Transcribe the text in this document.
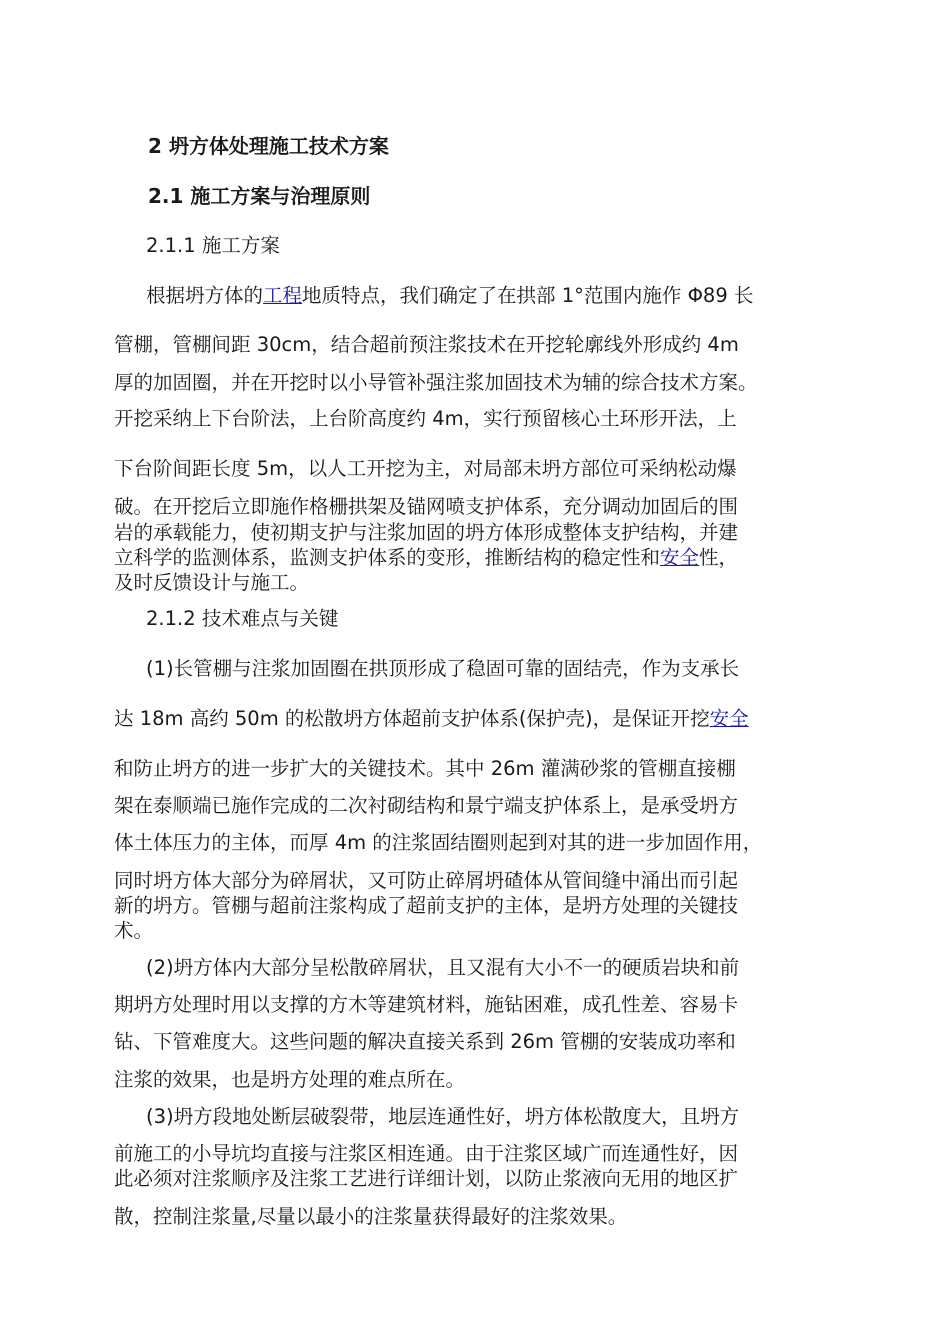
2 坍方体处理施工技术方案
2.1 施工方案与治理原则
2.1.1 施工方案
根据坍方体的工程地质特点，我们确定了在拱部 1°范围内施作 Φ89 长
管棚，管棚间距 30cm，结合超前预注浆技术在开挖轮廓线外形成约 4m
厚的加固圈，并在开挖时以小导管补强注浆加固技术为辅的综合技术方案。
开挖采纳上下台阶法，上台阶高度约 4m，实行预留核心土环形开法，上
下台阶间距长度 5m，以人工开挖为主，对局部未坍方部位可采纳松动爆
破。在开挖后立即施作格栅拱架及锚网喷支护体系，充分调动加固后的围
岩的承载能力，使初期支护与注浆加固的坍方体形成整体支护结构，并建
立科学的监测体系，监测支护体系的变形，推断结构的稳定性和安全性，
及时反馈设计与施工。
2.1.2 技术难点与关键
(1)长管棚与注浆加固圈在拱顶形成了稳固可靠的固结壳，作为支承长
达 18m 高约 50m 的松散坍方体超前支护体系(保护壳)，是保证开挖安全
和防止坍方的进一步扩大的关键技术。其中 26m 灌满砂浆的管棚直接棚
架在泰顺端已施作完成的二次衬砌结构和景宁端支护体系上，是承受坍方
体土体压力的主体，而厚 4m 的注浆固结圈则起到对其的进一步加固作用，
同时坍方体大部分为碎屑状，又可防止碎屑坍碴体从管间缝中涌出而引起
新的坍方。管棚与超前注浆构成了超前支护的主体，是坍方处理的关键技
术。
(2)坍方体内大部分呈松散碎屑状，且又混有大小不一的硬质岩块和前
期坍方处理时用以支撑的方木等建筑材料，施钻困难，成孔性差、容易卡
钻、下管难度大。这些问题的解决直接关系到 26m 管棚的安装成功率和
注浆的效果，也是坍方处理的难点所在。
(3)坍方段地处断层破裂带，地层连通性好，坍方体松散度大，且坍方
前施工的小导坑均直接与注浆区相连通。由于注浆区域广而连通性好，因
此必须对注浆顺序及注浆工艺进行详细计划，以防止浆液向无用的地区扩
散，控制注浆量,尽量以最小的注浆量获得最好的注浆效果。
